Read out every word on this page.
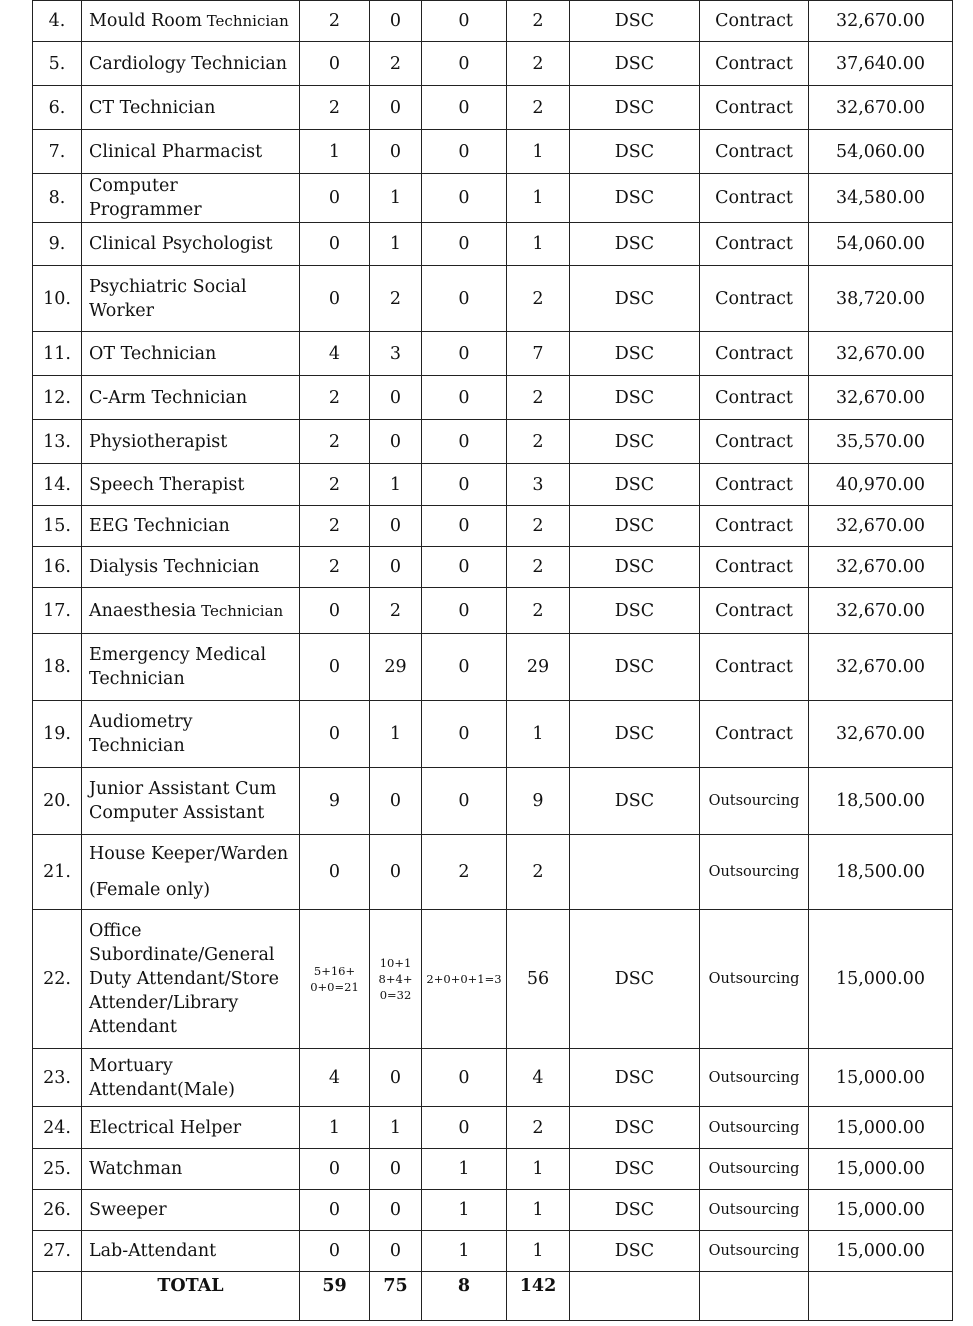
4.	Mould Room Technician	2	0	0	2	DSC	Contract	32,670.00
5.	Cardiology Technician	0	2	0	2	DSC	Contract	37,640.00
6.	CT Technician	2	0	0	2	DSC	Contract	32,670.00
7.	Clinical Pharmacist	1	0	0	1	DSC	Contract	54,060.00
8.	Computer Programmer	0	1	0	1	DSC	Contract	34,580.00
9.	Clinical Psychologist	0	1	0	1	DSC	Contract	54,060.00
10.	Psychiatric Social
Worker	0	2	0	2	DSC	Contract	38,720.00
11.	OT Technician	4	3	0	7	DSC	Contract	32,670.00
12.	C-Arm Technician	2	0	0	2	DSC	Contract	32,670.00
13.	Physiotherapist	2	0	0	2	DSC	Contract	35,570.00
14.	Speech Therapist	2	1	0	3	DSC	Contract	40,970.00
15.	EEG Technician	2	0	0	2	DSC	Contract	32,670.00
16.	Dialysis Technician	2	0	0	2	DSC	Contract	32,670.00
17.	Anaesthesia Technician	0	2	0	2	DSC	Contract	32,670.00
18.	Emergency Medical
Technician	0	29	0	29	DSC	Contract	32,670.00
19.	Audiometry
Technician	0	1	0	1	DSC	Contract	32,670.00
20.	Junior Assistant Cum
Computer Assistant	9	0	0	9	DSC	Outsourcing	18,500.00
21.	House Keeper/Warden
(Female only)	0	0	2	2		Outsourcing	18,500.00
22.	Office
Subordinate/General
Duty Attendant/Store
Attender/Library
Attendant	5+16+
0+0=21	10+1
8+4+
0=32	2+0+0+1=3	56	DSC	Outsourcing	15,000.00
23.	Mortuary
Attendant(Male)	4	0	0	4	DSC	Outsourcing	15,000.00
24.	Electrical Helper	1	1	0	2	DSC	Outsourcing	15,000.00
25.	Watchman	0	0	1	1	DSC	Outsourcing	15,000.00
26.	Sweeper	0	0	1	1	DSC	Outsourcing	15,000.00
27.	Lab-Attendant	0	0	1	1	DSC	Outsourcing	15,000.00
	TOTAL	59	75	8	142			
